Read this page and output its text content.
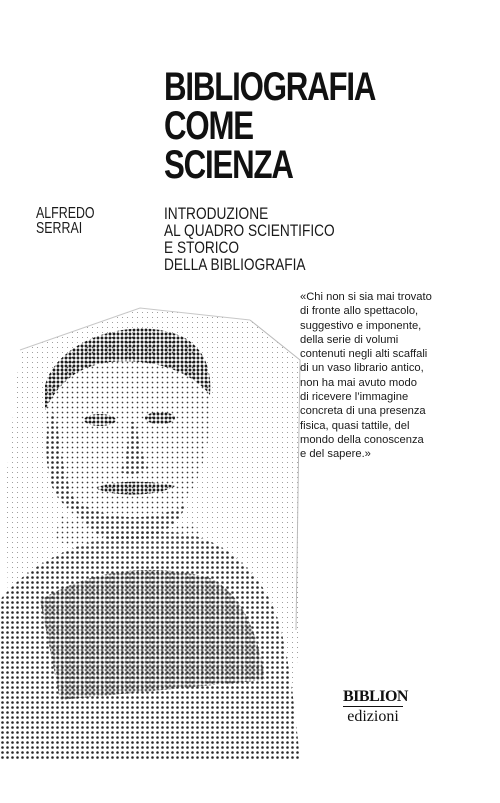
BIBLIOGRAFIA
COME
SCIENZA
ALFREDO
SERRAI
INTRODUZIONE
AL QUADRO SCIENTIFICO
E STORICO
DELLA BIBLIOGRAFIA
«Chi non si sia mai trovato
di fronte allo spettacolo,
suggestivo e imponente,
della serie di volumi
contenuti negli alti scaffali
di un vaso librario antico,
non ha mai avuto modo
di ricevere l’immagine
concreta di una presenza
fisica, quasi tattile, del
mondo della conoscenza
e del sapere.»
BIBLION
edizioni
